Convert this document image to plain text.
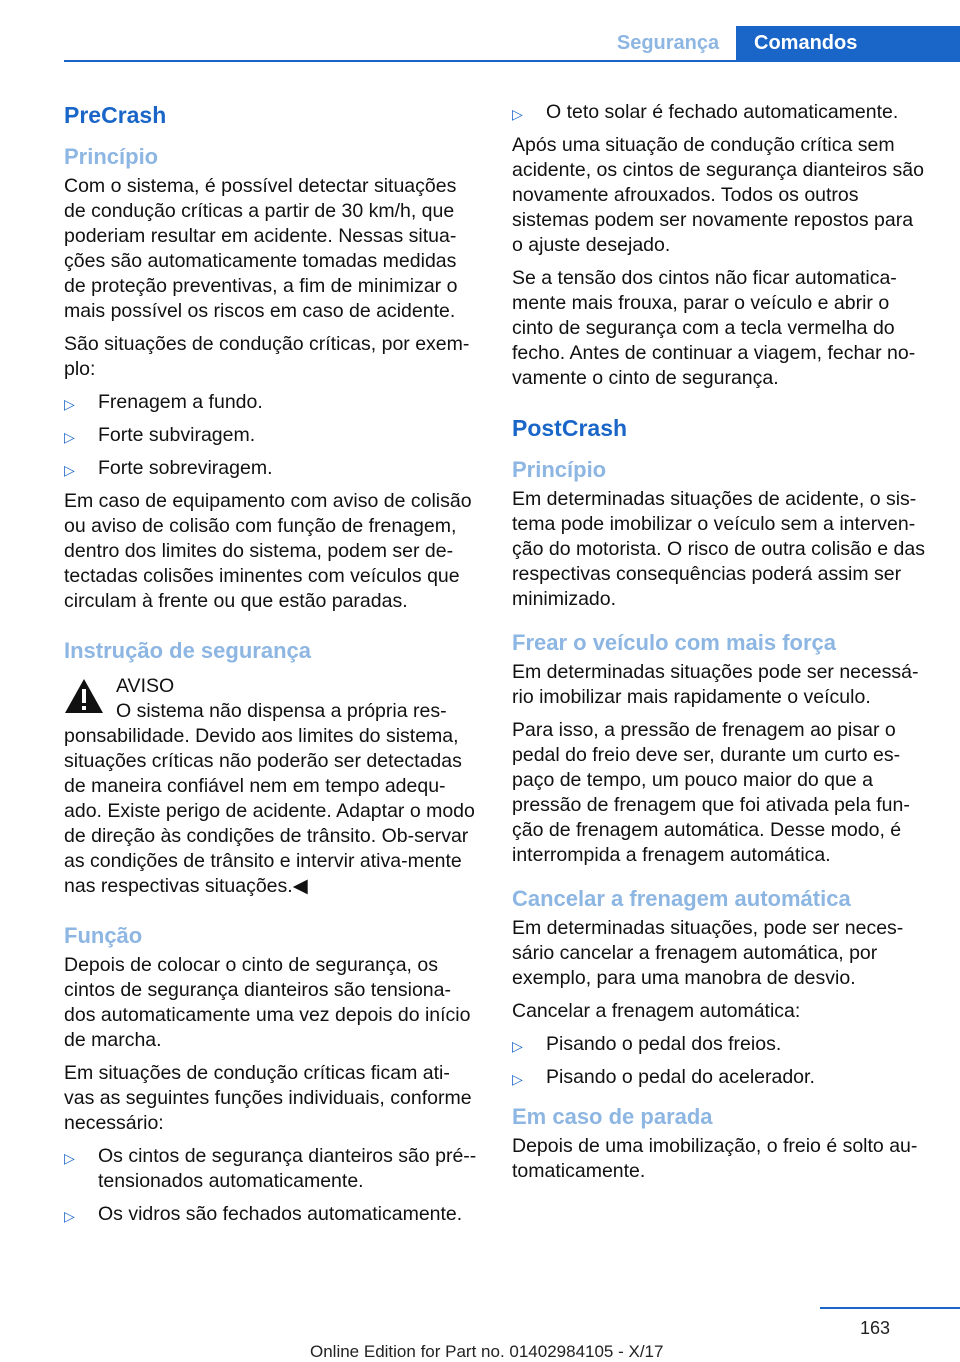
Segurança	Comandos
PreCrash
Princípio

Com o sistema, é possível detectar situações de condução críticas a partir de 30 km/h, que poderiam resultar em acidente. Nessas situa-ções são automaticamente tomadas medidas de proteção preventivas, a fim de minimizar o mais possível os riscos em caso de acidente.

São situações de condução críticas, por exem-plo:

▷	Frenagem a fundo.
▷	Forte subviragem.
▷	Forte sobreviragem.

Em caso de equipamento com aviso de colisão ou aviso de colisão com função de frenagem, dentro dos limites do sistema, podem ser de-tectadas colisões iminentes com veículos que circulam à frente ou que estão paradas.

Instrução de segurança
AVISO
O sistema não dispensa a própria res-
ponsabilidade. Devido aos limites do sistema, situações críticas não poderão ser detectadas de maneira confiável nem em tempo adequ-ado. Existe perigo de acidente. Adaptar o modo de direção às condições de trânsito. Ob-servar as condições de trânsito e intervir ativa-mente nas respectivas situações.◀
Função

Depois de colocar o cinto de segurança, os cintos de segurança dianteiros são tensiona-dos automaticamente uma vez depois do início de marcha.

Em situações de condução críticas ficam ati-vas as seguintes funções individuais, conforme necessário:

▷	Os cintos de segurança dianteiros são pré--tensionados automaticamente.
▷	Os vidros são fechados automaticamente.
▷	O teto solar é fechado automaticamente.

Após uma situação de condução crítica sem acidente, os cintos de segurança dianteiros são novamente afrouxados. Todos os outros sistemas podem ser novamente repostos para o ajuste desejado.

Se a tensão dos cintos não ficar automatica-mente mais frouxa, parar o veículo e abrir o cinto de segurança com a tecla vermelha do fecho. Antes de continuar a viagem, fechar no-vamente o cinto de segurança.

PostCrash
Princípio

Em determinadas situações de acidente, o sis-tema pode imobilizar o veículo sem a interven-ção do motorista. O risco de outra colisão e das respectivas consequências poderá assim ser minimizado.

Frear o veículo com mais força

Em determinadas situações pode ser necessá-rio imobilizar mais rapidamente o veículo.

Para isso, a pressão de frenagem ao pisar o pedal do freio deve ser, durante um curto es-paço de tempo, um pouco maior do que a pressão de frenagem que foi ativada pela fun-ção de frenagem automática. Desse modo, é interrompida a frenagem automática.

Cancelar a frenagem automática

Em determinadas situações, pode ser neces-sário cancelar a frenagem automática, por exemplo, para uma manobra de desvio.

Cancelar a frenagem automática:

▷	Pisando o pedal dos freios.
▷	Pisando o pedal do acelerador.
Em caso de parada

Depois de uma imobilização, o freio é solto au-tomaticamente.

163
Online Edition for Part no. 01402984105 - X/17
